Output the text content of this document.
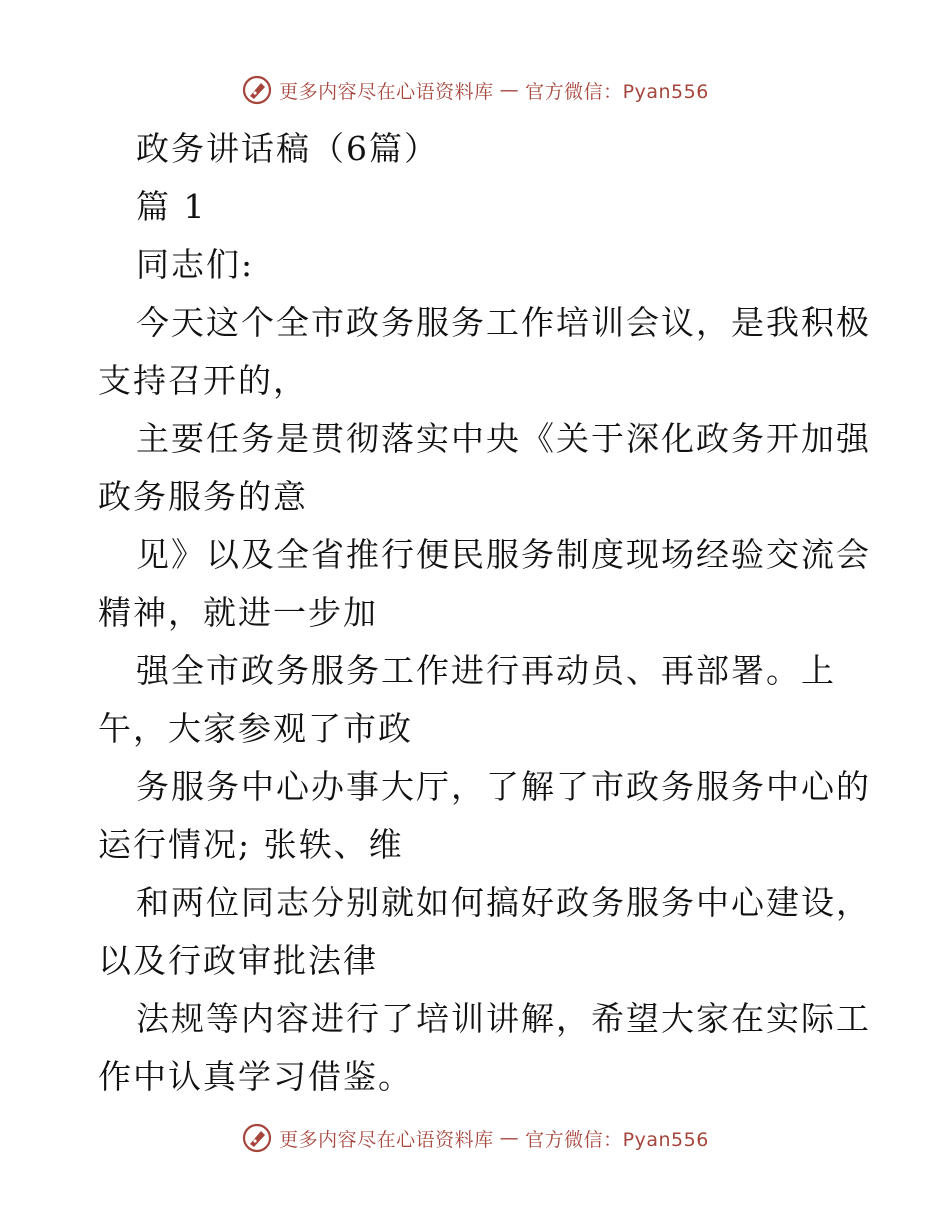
更多内容尽在心语资料库 — 官方微信：Pyan556
政务讲话稿（6篇）
篇 1
同志们:
今天这个全市政务服务工作培训会议，是我积极
支持召开的，
主要任务是贯彻落实中央《关于深化政务开加强
政务服务的意
见》以及全省推行便民服务制度现场经验交流会
精神，就进一步加
强全市政务服务工作进行再动员、再部署。上
午，大家参观了市政
务服务中心办事大厅，了解了市政务服务中心的
运行情况; 张轶、维
和两位同志分别就如何搞好政务服务中心建设，
以及行政审批法律
法规等内容进行了培训讲解，希望大家在实际工
作中认真学习借鉴。
更多内容尽在心语资料库 — 官方微信：Pyan556
